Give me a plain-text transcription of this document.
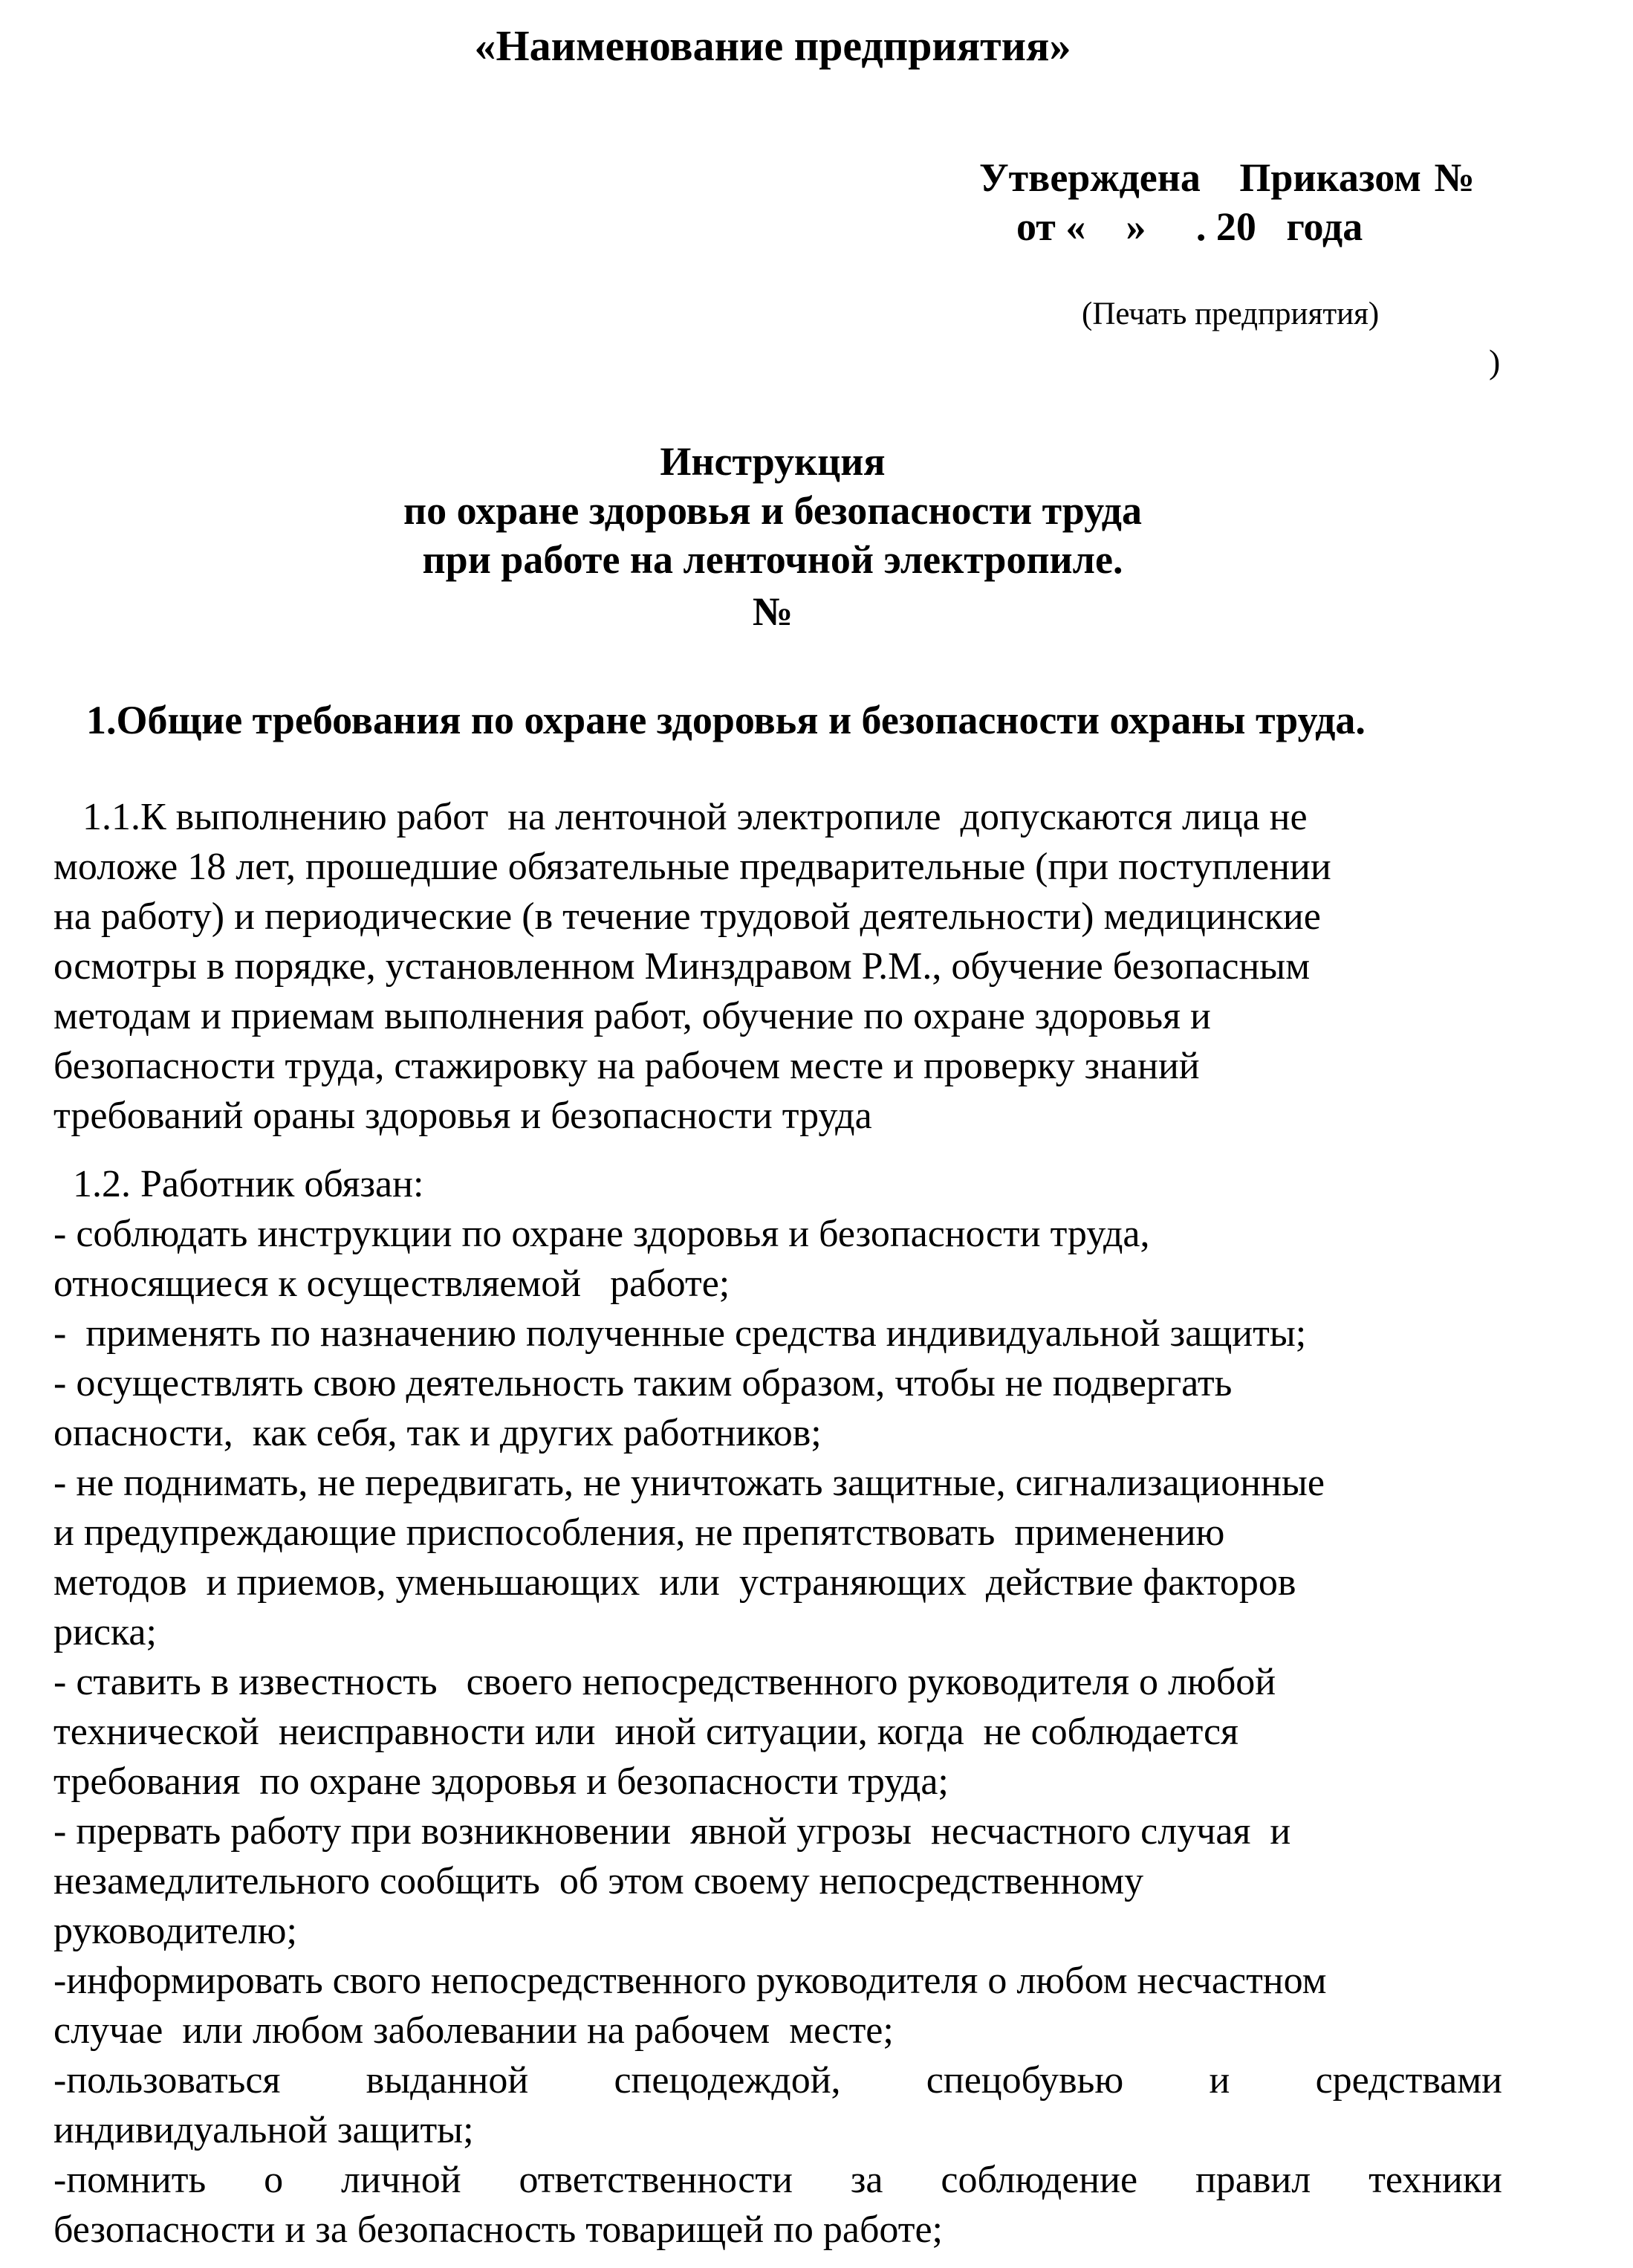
«Наименование предприятия»
Утверждена   Приказом №
от «    »     . 20   года
(Печать предприятия)
)
Инструкция
по охране здоровья и безопасности труда
при работе на ленточной электропиле.
№
1.Общие требования по охране здоровья и безопасности охраны труда.
1.1.К выполнению работ  на ленточной электропиле  допускаются лица не
моложе 18 лет, прошедшие обязательные предварительные (при поступлении
на работу) и периодические (в течение трудовой деятельности) медицинские
осмотры в порядке, установленном Минздравом Р.М., обучение безопасным
методам и приемам выполнения работ, обучение по охране здоровья и
безопасности труда, стажировку на рабочем месте и проверку знаний
требований ораны здоровья и безопасности труда
1.2. Работник обязан:
- соблюдать инструкции по охране здоровья и безопасности труда,
относящиеся к осуществляемой   работе;
-  применять по назначению полученные средства индивидуальной защиты;
- осуществлять свою деятельность таким образом, чтобы не подвергать
опасности,  как себя, так и других работников;
- не поднимать, не передвигать, не уничтожать защитные, сигнализационные
и предупреждающие приспособления, не препятствовать  применению
методов  и приемов, уменьшающих  или  устраняющих  действие факторов
риска;
- ставить в известность   своего непосредственного руководителя о любой
технической  неисправности или  иной ситуации, когда  не соблюдается
требования  по охране здоровья и безопасности труда;
- прервать работу при возникновении  явной угрозы  несчастного случая  и
незамедлительного сообщить  об этом своему непосредственному
руководителю;
-информировать свого непосредственного руководителя о любом несчастном
случае  или любом заболевании на рабочем  месте;
-пользоваться выданной спецодеждой, спецобувью и средствами
индивидуальной защиты;
-помнить о личной ответственности за соблюдение правил техники
безопасности и за безопасность товарищей по работе;
